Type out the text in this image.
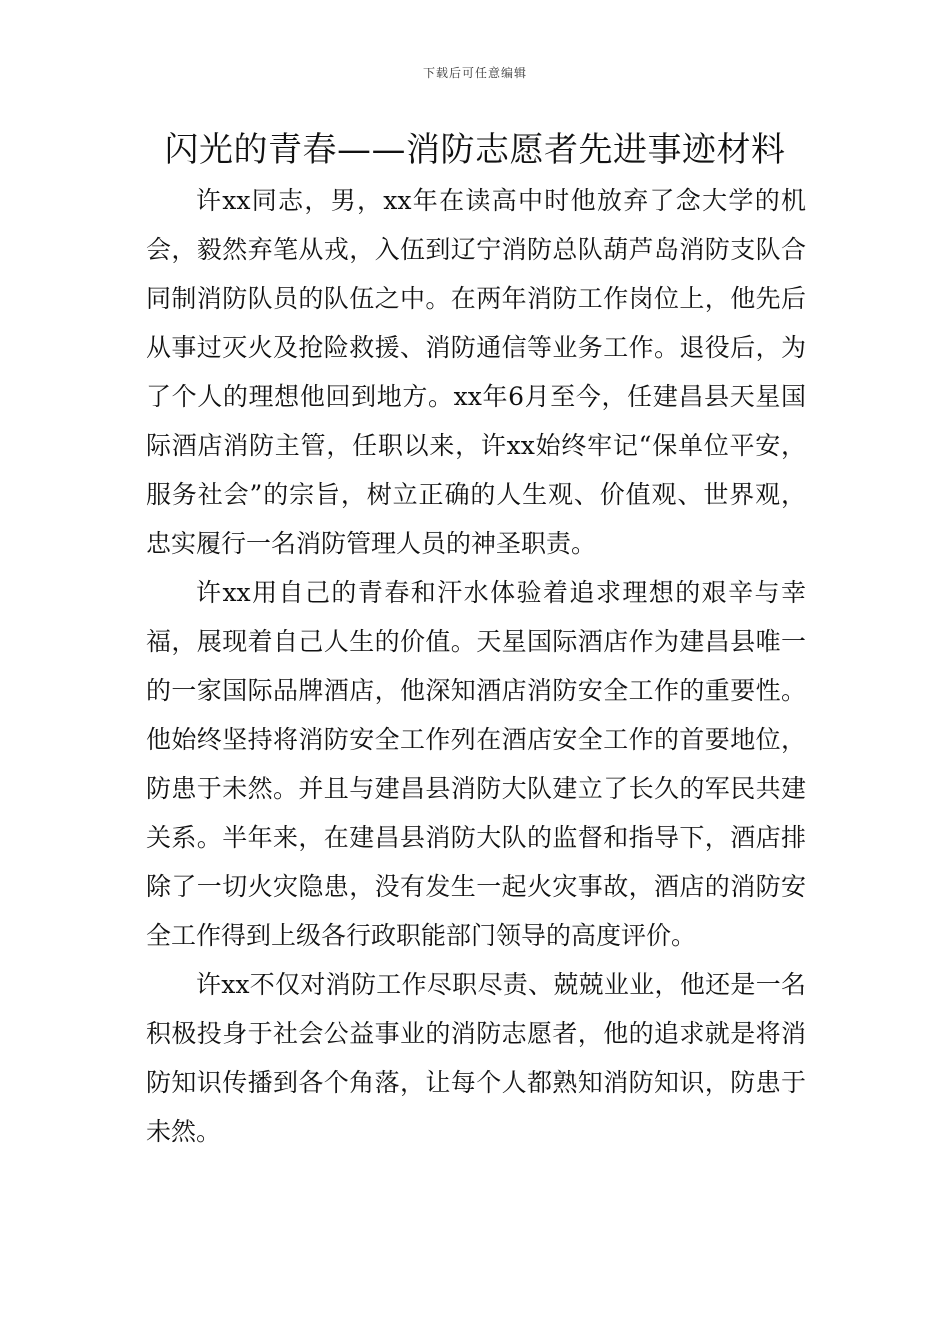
下载后可任意编辑
闪光的青春——消防志愿者先进事迹材料

许xx同志，男，xx年在读高中时他放弃了念大学的机会，毅然弃笔从戎，入伍到辽宁消防总队葫芦岛消防支队合同制消防队员的队伍之中。在两年消防工作岗位上，他先后从事过灭火及抢险救援、消防通信等业务工作。退役后，为了个人的理想他回到地方。xx年6月至今，任建昌县天星国际酒店消防主管，任职以来，许xx始终牢记“保单位平安，服务社会”的宗旨，树立正确的人生观、价值观、世界观，忠实履行一名消防管理人员的神圣职责。

许xx用自己的青春和汗水体验着追求理想的艰辛与幸福，展现着自己人生的价值。天星国际酒店作为建昌县唯一的一家国际品牌酒店，他深知酒店消防安全工作的重要性。他始终坚持将消防安全工作列在酒店安全工作的首要地位，防患于未然。并且与建昌县消防大队建立了长久的军民共建关系。半年来，在建昌县消防大队的监督和指导下，酒店排除了一切火灾隐患，没有发生一起火灾事故，酒店的消防安全工作得到上级各行政职能部门领导的高度评价。

许xx不仅对消防工作尽职尽责、兢兢业业，他还是一名积极投身于社会公益事业的消防志愿者，他的追求就是将消防知识传播到各个角落，让每个人都熟知消防知识，防患于未然。
